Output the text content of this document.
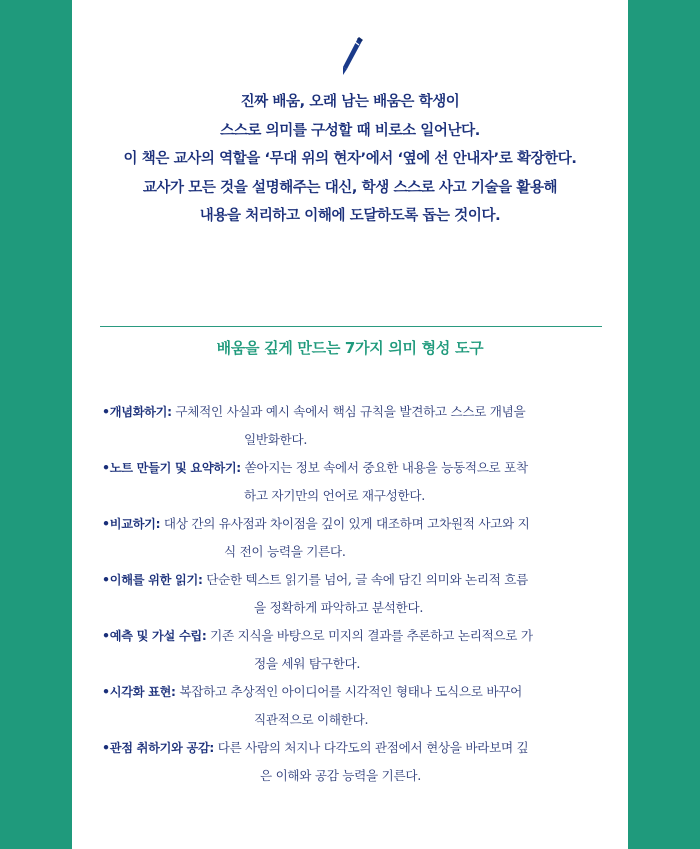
진짜 배움, 오래 남는 배움은 학생이
스스로 의미를 구성할 때 비로소 일어난다.
이 책은 교사의 역할을 ‘무대 위의 현자’에서 ‘옆에 선 안내자’로 확장한다.
교사가 모든 것을 설명해주는 대신, 학생 스스로 사고 기술을 활용해
내용을 처리하고 이해에 도달하도록 돕는 것이다.
배움을 깊게 만드는 7가지 의미 형성 도구
•개념화하기: 구체적인 사실과 예시 속에서 핵심 규칙을 발견하고 스스로 개념을
일반화한다.
•노트 만들기 및 요약하기: 쏟아지는 정보 속에서 중요한 내용을 능동적으로 포착
하고 자기만의 언어로 재구성한다.
•비교하기: 대상 간의 유사점과 차이점을 깊이 있게 대조하며 고차원적 사고와 지
식 전이 능력을 기른다.
•이해를 위한 읽기: 단순한 텍스트 읽기를 넘어, 글 속에 담긴 의미와 논리적 흐름
을 정확하게 파악하고 분석한다.
•예측 및 가설 수립: 기존 지식을 바탕으로 미지의 결과를 추론하고 논리적으로 가
정을 세워 탐구한다.
•시각화 표현: 복잡하고 추상적인 아이디어를 시각적인 형태나 도식으로 바꾸어
직관적으로 이해한다.
•관점 취하기와 공감: 다른 사람의 처지나 다각도의 관점에서 현상을 바라보며 깊
은 이해와 공감 능력을 기른다.
